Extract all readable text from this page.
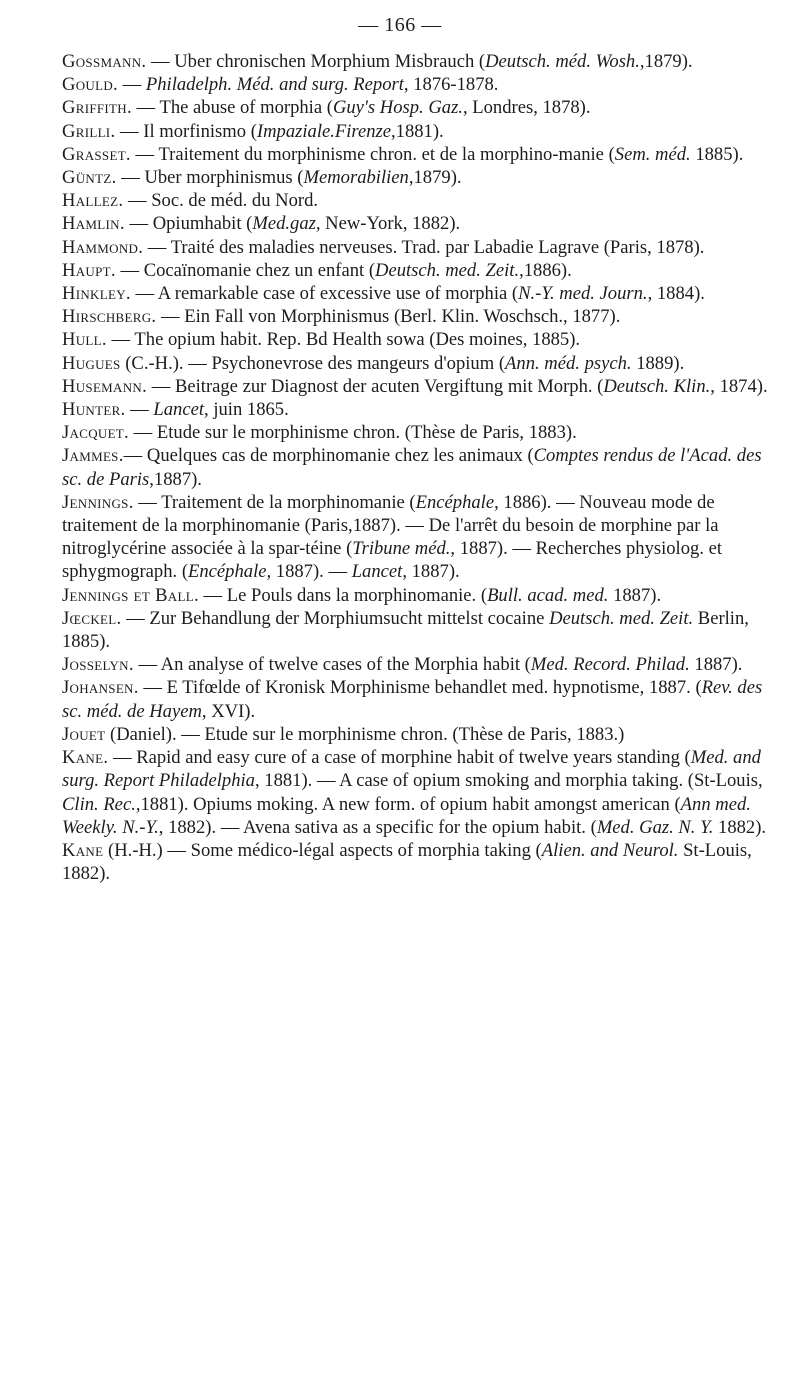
— 166 —
Gossmann. — Uber chronischen Morphium Misbrauch (Deutsch. méd. Wosh.,1879).
Gould. — Philadelph. Méd. and surg. Report, 1876-1878.
Griffith. — The abuse of morphia (Guy's Hosp. Gaz., Londres, 1878).
Grilli. — Il morfinismo (Impaziale.Firenze,1881).
Grasset. — Traitement du morphinisme chron. et de la morphino-manie (Sem. méd. 1885).
Güntz. — Uber morphinismus (Memorabilien,1879).
Hallez. — Soc. de méd. du Nord.
Hamlin. — Opiumhabit (Med.gaz, New-York, 1882).
Hammond. — Traité des maladies nerveuses. Trad. par Labadie Lagrave (Paris, 1878).
Haupt. — Cocaïnomanie chez un enfant (Deutsch. med. Zeit.,1886).
Hinkley. — A remarkable case of excessive use of morphia (N.-Y. med. Journ., 1884).
Hirschberg. — Ein Fall von Morphinismus (Berl. Klin. Woschsch., 1877).
Hull. — The opium habit. Rep. Bd Health sowa (Des moines, 1885).
Hugues (C.-H.). — Psychonevrose des mangeurs d'opium (Ann. méd. psych. 1889).
Husemann. — Beitrage zur Diagnost der acuten Vergiftung mit Morph. (Deutsch. Klin., 1874).
Hunter. — Lancet, juin 1865.
Jacquet. — Etude sur le morphinisme chron. (Thèse de Paris, 1883).
Jammes.— Quelques cas de morphinomanie chez les animaux (Comptes rendus de l'Acad. des sc. de Paris,1887).
Jennings. — Traitement de la morphinomanie (Encéphale, 1886). — Nouveau mode de traitement de la morphinomanie (Paris,1887). — De l'arrêt du besoin de morphine par la nitroglycérine associée à la spar-téine (Tribune méd., 1887). — Recherches physiolog. et sphygmograph. (Encéphale, 1887). — Lancet, 1887).
Jennings et Ball. — Le Pouls dans la morphinomanie. (Bull. acad. med. 1887).
Jœckel. — Zur Behandlung der Morphiumsucht mittelst cocaine Deutsch. med. Zeit. Berlin, 1885).
Josselyn. — An analyse of twelve cases of the Morphia habit (Med. Record. Philad. 1887).
Johansen. — E Tifœlde of Kronisk Morphinisme behandlet med. hypnotisme, 1887. (Rev. des sc. méd. de Hayem, XVI).
Jouet (Daniel). — Etude sur le morphinisme chron. (Thèse de Paris, 1883.)
Kane. — Rapid and easy cure of a case of morphine habit of twelve years standing (Med. and surg. Report Philadelphia, 1881). — A case of opium smoking and morphia taking. (St-Louis, Clin. Rec.,1881). Opiums moking. A new form. of opium habit amongst american (Ann med. Weekly. N.-Y., 1882). — Avena sativa as a specific for the opium habit. (Med. Gaz. N. Y. 1882).
Kane (H.-H.) — Some médico-légal aspects of morphia taking (Alien. and Neurol. St-Louis, 1882).
